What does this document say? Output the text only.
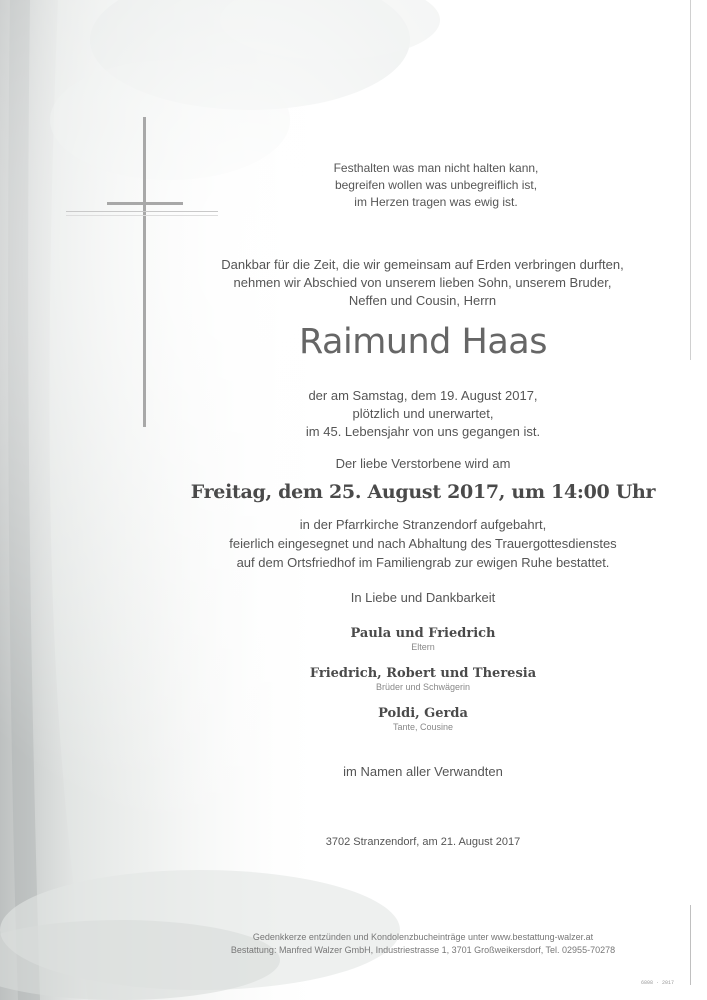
Festhalten was man nicht halten kann,
begreifen wollen was unbegreiflich ist,
im Herzen tragen was ewig ist.
Dankbar für die Zeit, die wir gemeinsam auf Erden verbringen durften,
nehmen wir Abschied von unserem lieben Sohn, unserem Bruder,
Neffen und Cousin, Herrn
Raimund Haas
der am Samstag, dem 19. August 2017,
plötzlich und unerwartet,
im 45. Lebensjahr von uns gegangen ist.
Der liebe Verstorbene wird am
Freitag, dem 25. August 2017, um 14:00 Uhr
in der Pfarrkirche Stranzendorf aufgebahrt,
feierlich eingesegnet und nach Abhaltung des Trauergottesdienstes
auf dem Ortsfriedhof im Familiengrab zur ewigen Ruhe bestattet.
In Liebe und Dankbarkeit
Paula und Friedrich
Eltern
Friedrich, Robert und Theresia
Brüder und Schwägerin
Poldi, Gerda
Tante, Cousine
im Namen aller Verwandten
3702 Stranzendorf, am 21. August 2017
Gedenkkerze entzünden und Kondolenzbucheinträge unter www.bestattung-walzer.at
Bestattung: Manfred Walzer GmbH, Industriestrasse 1, 3701 Großweikersdorf, Tel. 02955-70278
6808 · 2017
